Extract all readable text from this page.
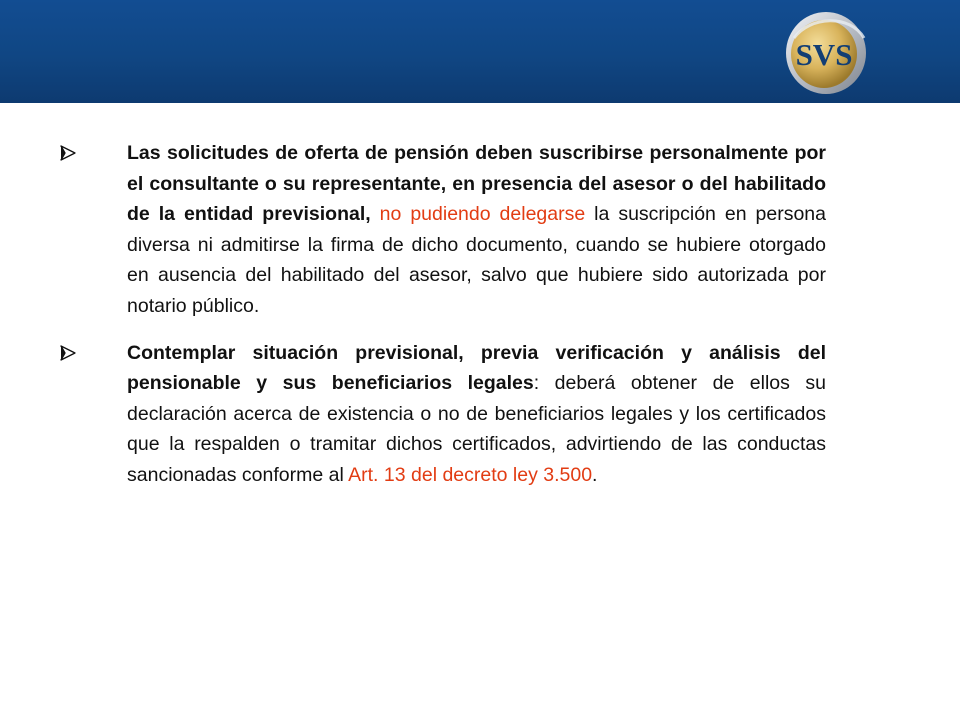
SVS

Las solicitudes de oferta de pensión deben suscribirse personalmente por el consultante o su representante, en presencia del asesor o del habilitado de la entidad previsional, no pudiendo delegarse la suscripción en persona diversa ni admitirse la firma de dicho documento, cuando se hubiere otorgado en ausencia del habilitado del asesor, salvo que hubiere sido autorizada por notario público.

Contemplar situación previsional, previa verificación y análisis del pensionable y sus beneficiarios legales: deberá obtener de ellos su declaración acerca de existencia o no de beneficiarios legales y los certificados que la respalden o tramitar dichos certificados, advirtiendo de las conductas sancionadas conforme al Art. 13 del decreto ley 3.500.
